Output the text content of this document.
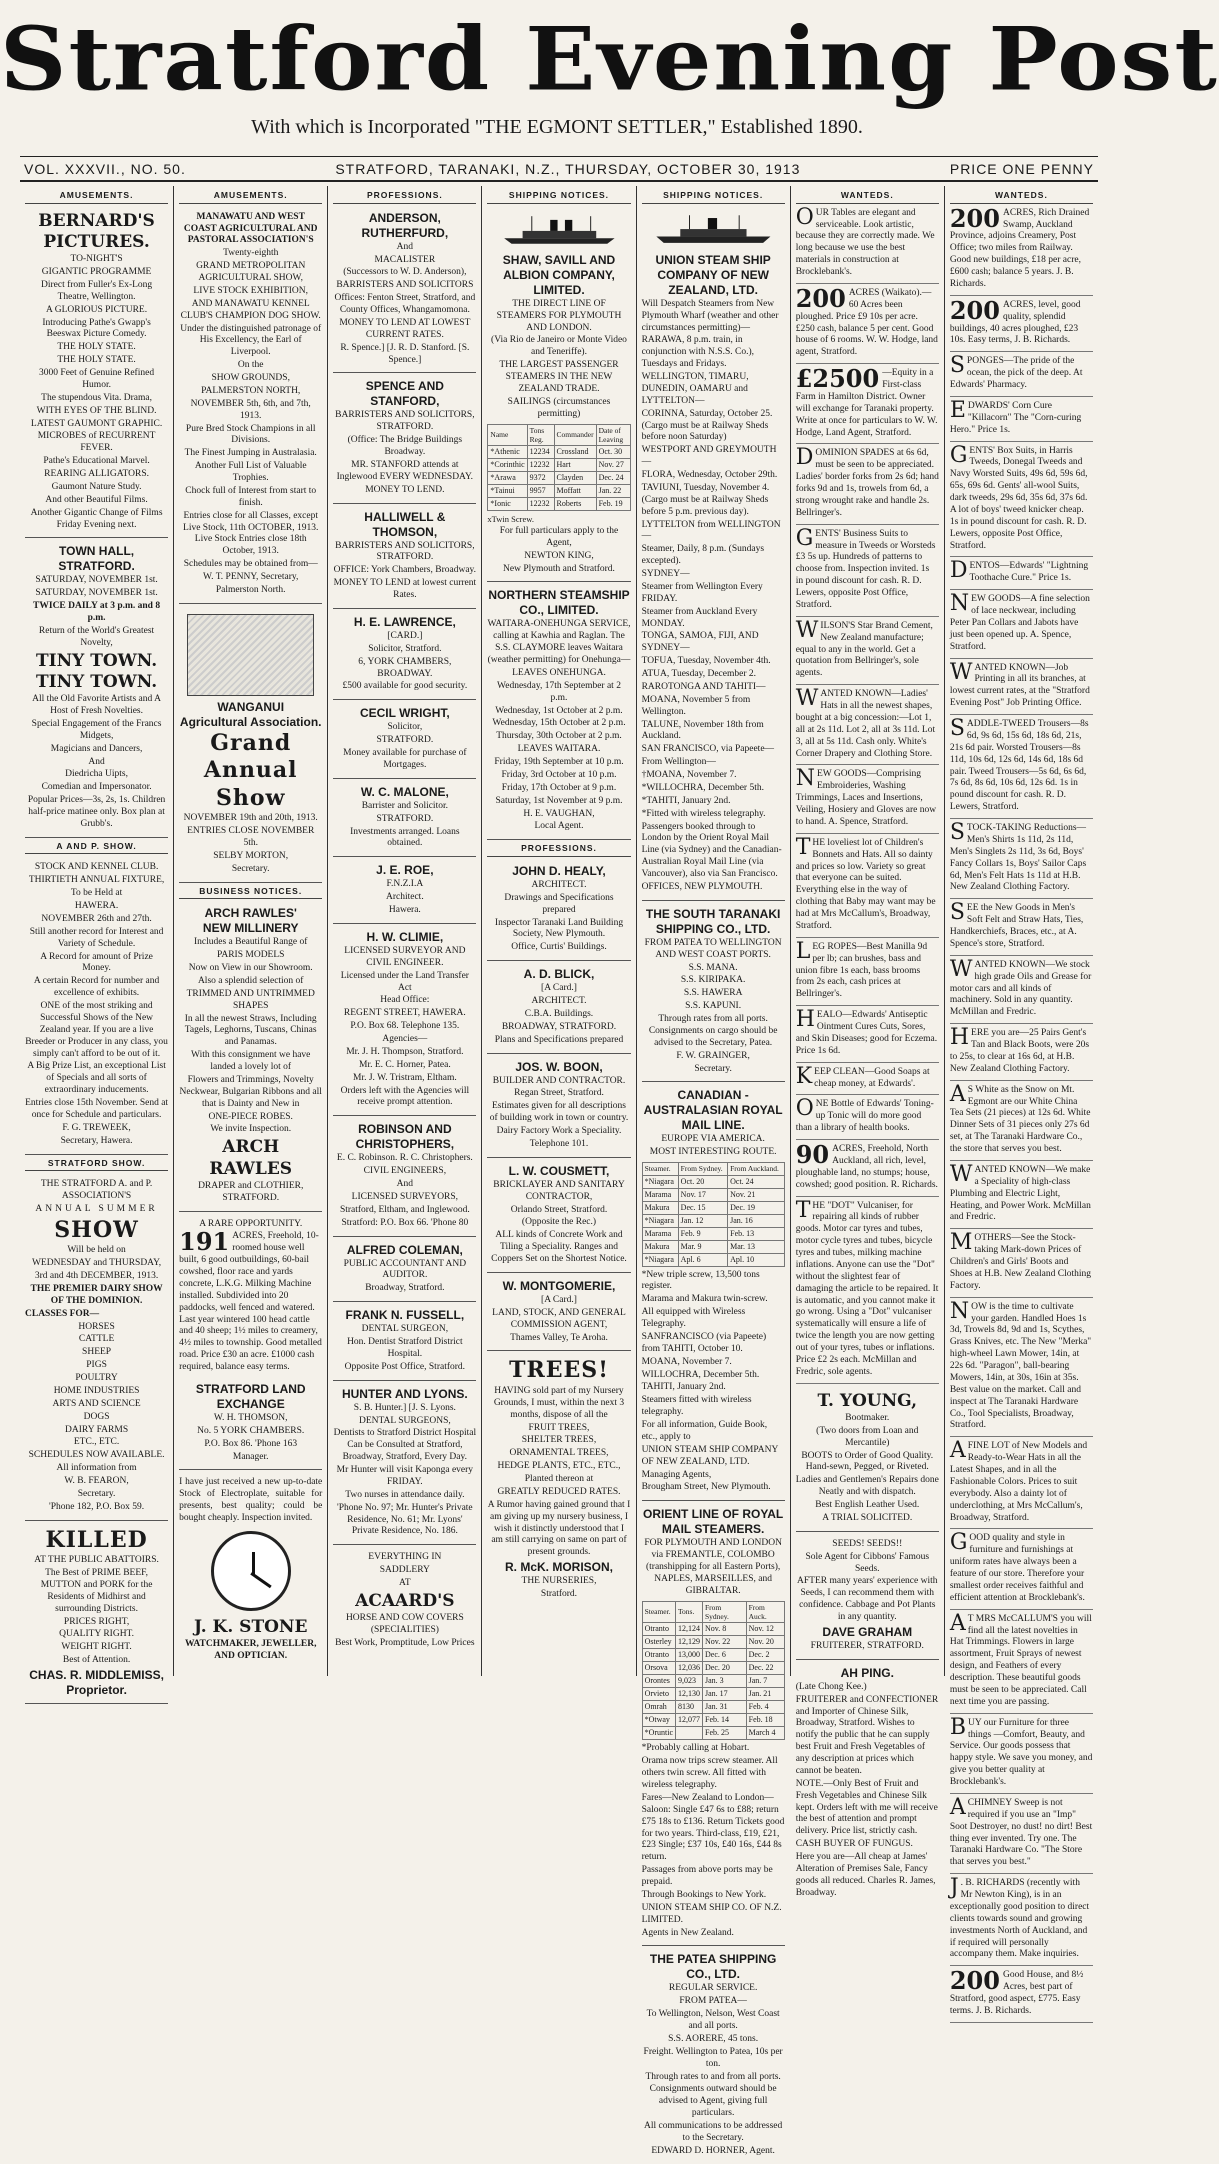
Stratford Evening Post
With which is Incorporated "THE EGMONT SETTLER," Established 1890.
VOL. XXXVII., NO. 50.	STRATFORD, TARANAKI, N.Z., THURSDAY, OCTOBER 30, 1913	PRICE ONE PENNY
AMUSEMENTS.
BERNARD'S PICTURES.

TO-NIGHT'S

GIGANTIC PROGRAMME

Direct from Fuller's Ex-Long Theatre, Wellington.

A GLORIOUS PICTURE.

Introducing Pathe's Gwapp's Beeswax Picture Comedy.

THE HOLY STATE.

THE HOLY STATE.

3000 Feet of Genuine Refined Humor.

The stupendous Vita. Drama,

WITH EYES OF THE BLIND.

LATEST GAUMONT GRAPHIC.

MICROBES of RECURRENT FEVER.

Pathe's Educational Marvel.

REARING ALLIGATORS.

Gaumont Nature Study.

And other Beautiful Films.

Another Gigantic Change of Films Friday Evening next.

TOWN HALL, STRATFORD.

SATURDAY, NOVEMBER 1st.

SATURDAY, NOVEMBER 1st.

TWICE DAILY at 3 p.m. and 8 p.m.

Return of the World's Greatest Novelty,

TINY TOWN.
TINY TOWN.

All the Old Favorite Artists and A Host of Fresh Novelties.

Special Engagement of the Francs Midgets,

Magicians and Dancers,

And

Diedricha Uipts,

Comedian and Impersonator.

Popular Prices—3s, 2s, 1s. Children half-price matinee only. Box plan at Grubb's.

A AND P. SHOW.

STOCK AND KENNEL CLUB.

THIRTIETH ANNUAL FIXTURE,

To be Held at

HAWERA.

NOVEMBER 26th and 27th.

Still another record for Interest and Variety of Schedule.

A Record for amount of Prize Money.

A certain Record for number and excellence of exhibits.

ONE of the most striking and Successful Shows of the New Zealand year. If you are a live Breeder or Producer in any class, you simply can't afford to be out of it.

A Big Prize List, an exceptional List of Specials and all sorts of extraordinary inducements.

Entries close 15th November. Send at once for Schedule and particulars.

F. G. TREWEEK,

Secretary, Hawera.

STRATFORD SHOW.

THE STRATFORD A. and P. ASSOCIATION'S

ANNUAL SUMMER

SHOW

Will be held on

WEDNESDAY and THURSDAY,

3rd and 4th DECEMBER, 1913.

THE PREMIER DAIRY SHOW OF THE DOMINION.

CLASSES FOR—

HORSES

CATTLE

SHEEP

PIGS

POULTRY

HOME INDUSTRIES

ARTS AND SCIENCE

DOGS

DAIRY FARMS

ETC., ETC.

SCHEDULES NOW AVAILABLE.

All information from

W. B. FEARON,

Secretary.

'Phone 182, P.O. Box 59.

KILLED

AT THE PUBLIC ABATTOIRS.

The Best of PRIME BEEF, MUTTON and PORK for the Residents of Midhirst and surrounding Districts.

PRICES RIGHT,

QUALITY RIGHT.

WEIGHT RIGHT.

Best of Attention.

CHAS. R. MIDDLEMISS,
Proprietor.
AMUSEMENTS.

MANAWATU AND WEST COAST AGRICULTURAL AND PASTORAL ASSOCIATION'S

Twenty-eighth

GRAND METROPOLITAN AGRICULTURAL SHOW,

LIVE STOCK EXHIBITION,

AND MANAWATU KENNEL CLUB'S CHAMPION DOG SHOW.

Under the distinguished patronage of His Excellency, the Earl of Liverpool.

On the

SHOW GROUNDS,

PALMERSTON NORTH,

NOVEMBER 5th, 6th, and 7th, 1913.

Pure Bred Stock Champions in all Divisions.

The Finest Jumping in Australasia.

Another Full List of Valuable Trophies.

Chock full of Interest from start to finish.

Entries close for all Classes, except Live Stock, 11th OCTOBER, 1913. Live Stock Entries close 18th October, 1913.

Schedules may be obtained from—

W. T. PENNY, Secretary,

Palmerston North.

WANGANUI
Agricultural Association.
Grand Annual Show

NOVEMBER 19th and 20th, 1913.

ENTRIES CLOSE NOVEMBER 5th.

SELBY MORTON,

Secretary.

BUSINESS NOTICES.
ARCH RAWLES'
NEW MILLINERY

Includes a Beautiful Range of

PARIS MODELS

Now on View in our Showroom.

Also a splendid selection of

TRIMMED AND UNTRIMMED SHAPES

In all the newest Straws, Including Tagels, Leghorns, Tuscans, Chinas and Panamas.

With this consignment we have landed a lovely lot of

Flowers and Trimmings, Novelty Neckwear, Bulgarian Ribbons and all that is Dainty and New in

ONE-PIECE ROBES.

We invite Inspection.

ARCH RAWLES

DRAPER and CLOTHIER, STRATFORD.

A RARE OPPORTUNITY.

191 ACRES, Freehold, 10-roomed house well built, 6 good outbuildings, 60-bail cowshed, floor race and yards concrete, L.K.G. Milking Machine installed. Subdivided into 20 paddocks, well fenced and watered. Last year wintered 100 head cattle and 40 sheep; 1½ miles to creamery, 4½ miles to township. Good metalled road. Price £30 an acre. £1000 cash required, balance easy terms.
STRATFORD LAND EXCHANGE

W. H. THOMSON,

No. 5 YORK CHAMBERS.

P.O. Box 86. 'Phone 163

Manager.

I have just received a new up-to-date Stock of Electroplate, suitable for presents, best quality; could be bought cheaply. Inspection invited.

J. K. STONE

WATCHMAKER, JEWELLER, AND OPTICIAN.

PROFESSIONS.
ANDERSON, RUTHERFURD,

And

MACALISTER

(Successors to W. D. Anderson),

BARRISTERS AND SOLICITORS

Offices: Fenton Street, Stratford, and County Offices, Whangamomona.

MONEY TO LEND AT LOWEST CURRENT RATES.

R. Spence.] [J. R. D. Stanford. [S. Spence.]

SPENCE AND STANFORD,

BARRISTERS AND SOLICITORS, STRATFORD.

(Office: The Bridge Buildings Broadway.

MR. STANFORD attends at Inglewood EVERY WEDNESDAY.

MONEY TO LEND.

HALLIWELL & THOMSON,

BARRISTERS AND SOLICITORS, STRATFORD.

OFFICE: York Chambers, Broadway.

MONEY TO LEND at lowest current Rates.

H. E. LAWRENCE,

[CARD.]

Solicitor, Stratford.

6, YORK CHAMBERS, BROADWAY.

£500 available for good security.

CECIL WRIGHT,

Solicitor,

STRATFORD.

Money available for purchase of Mortgages.

W. C. MALONE,

Barrister and Solicitor.

STRATFORD.

Investments arranged. Loans obtained.

J. E. ROE,

F.N.Z.I.A

Architect.

Hawera.

H. W. CLIMIE,

LICENSED SURVEYOR AND CIVIL ENGINEER.

Licensed under the Land Transfer Act

Head Office:

REGENT STREET, HAWERA.

P.O. Box 68. Telephone 135.

Agencies—

Mr. J. H. Thompson, Stratford.

Mr. E. C. Horner, Patea.

Mr. J. W. Tristram, Eltham.

Orders left with the Agencies will receive prompt attention.

ROBINSON AND CHRISTOPHERS,

E. C. Robinson. R. C. Christophers.

CIVIL ENGINEERS,

And

LICENSED SURVEYORS,

Stratford, Eltham, and Inglewood.

Stratford: P.O. Box 66. 'Phone 80

ALFRED COLEMAN,

PUBLIC ACCOUNTANT AND AUDITOR.

Broadway, Stratford.

FRANK N. FUSSELL,

DENTAL SURGEON,

Hon. Dentist Stratford District Hospital.

Opposite Post Office, Stratford.

HUNTER AND LYONS.

S. B. Hunter.] [J. S. Lyons.

DENTAL SURGEONS,

Dentists to Stratford District Hospital Can be Consulted at Stratford, Broadway, Stratford, Every Day.

Mr Hunter will visit Kaponga every FRIDAY.

Two nurses in attendance daily.

'Phone No. 97; Mr. Hunter's Private Residence, No. 61; Mr. Lyons' Private Residence, No. 186.

EVERYTHING IN

SADDLERY

AT

ACAARD'S

HORSE AND COW COVERS (SPECIALITIES)

Best Work, Promptitude, Low Prices

SHIPPING NOTICES.
SHAW, SAVILL AND ALBION COMPANY, LIMITED.

THE DIRECT LINE OF STEAMERS FOR PLYMOUTH AND LONDON.

(Via Rio de Janeiro or Monte Video and Teneriffe).

THE LARGEST PASSENGER STEAMERS IN THE NEW ZEALAND TRADE.

SAILINGS (circumstances permitting)

Name	Tons Reg.	Commander	Date of Leaving
*Athenic	12234	Crossland	Oct. 30
*Corinthic	12232	Hart	Nov. 27
*Arawa	9372	Clayden	Dec. 24
*Tainui	9957	Moffatt	Jan. 22
*Ionic	12232	Roberts	Feb. 19

xTwin Screw.

For full particulars apply to the Agent,

NEWTON KING,

New Plymouth and Stratford.

NORTHERN STEAMSHIP CO., LIMITED.

WAITARA-ONEHUNGA SERVICE, calling at Kawhia and Raglan. The S.S. CLAYMORE leaves Waitara (weather permitting) for Onehunga—

LEAVES ONEHUNGA.

Wednesday, 17th September at 2 p.m.

Wednesday, 1st October at 2 p.m.

Wednesday, 15th October at 2 p.m.

Thursday, 30th October at 2 p.m.

LEAVES WAITARA.

Friday, 19th September at 10 p.m.

Friday, 3rd October at 10 p.m.

Friday, 17th October at 9 p.m.

Saturday, 1st November at 9 p.m.

H. E. VAUGHAN,

Local Agent.

PROFESSIONS.
JOHN D. HEALY,

ARCHITECT.

Drawings and Specifications prepared

Inspector Taranaki Land Building Society, New Plymouth.

Office, Curtis' Buildings.

A. D. BLICK,

[A Card.]

ARCHITECT.

C.B.A. Buildings.

BROADWAY, STRATFORD.

Plans and Specifications prepared

JOS. W. BOON,

BUILDER AND CONTRACTOR.

Regan Street, Stratford.

Estimates given for all descriptions of building work in town or country.

Dairy Factory Work a Speciality.

Telephone 101.

L. W. COUSMETT,

BRICKLAYER AND SANITARY CONTRACTOR,

Orlando Street, Stratford.

(Opposite the Rec.)

ALL kinds of Concrete Work and Tiling a Speciality. Ranges and Coppers Set on the Shortest Notice.

W. MONTGOMERIE,

[A Card.]

LAND, STOCK, AND GENERAL COMMISSION AGENT,

Thames Valley, Te Aroha.

TREES!

HAVING sold part of my Nursery Grounds, I must, within the next 3 months, dispose of all the

FRUIT TREES,

SHELTER TREES,

ORNAMENTAL TREES,

HEDGE PLANTS, ETC., ETC.,

Planted thereon at

GREATLY REDUCED RATES.

A Rumor having gained ground that I am giving up my nursery business, I wish it distinctly understood that I am still carrying on same on part of present grounds.

R. McK. MORISON,

THE NURSERIES,

Stratford.

SHIPPING NOTICES.
UNION STEAM SHIP COMPANY OF NEW ZEALAND, LTD.

Will Despatch Steamers from New Plymouth Wharf (weather and other circumstances permitting)—

RARAWA, 8 p.m. train, in conjunction with N.S.S. Co.), Tuesdays and Fridays.

WELLINGTON, TIMARU, DUNEDIN, OAMARU and LYTTELTON—

CORINNA, Saturday, October 25. (Cargo must be at Railway Sheds before noon Saturday)

WESTPORT AND GREYMOUTH—

FLORA, Wednesday, October 29th.

TAVIUNI, Tuesday, November 4. (Cargo must be at Railway Sheds before 5 p.m. previous day).

LYTTELTON from WELLINGTON—

Steamer, Daily, 8 p.m. (Sundays excepted).

SYDNEY—

Steamer from Wellington Every FRIDAY.

Steamer from Auckland Every MONDAY.

TONGA, SAMOA, FIJI, AND SYDNEY—

TOFUA, Tuesday, November 4th.

ATUA, Tuesday, December 2.

RAROTONGA AND TAHITI—

MOANA, November 5 from Wellington.

TALUNE, November 18th from Auckland.

SAN FRANCISCO, via Papeete—

From Wellington—

†MOANA, November 7.

*WILLOCHRA, December 5th.

*TAHITI, January 2nd.

*Fitted with wireless telegraphy.

Passengers booked through to London by the Orient Royal Mail Line (via Sydney) and the Canadian-Australian Royal Mail Line (via Vancouver), also via San Francisco.

OFFICES, NEW PLYMOUTH.

THE SOUTH TARANAKI SHIPPING CO., LTD.

FROM PATEA TO WELLINGTON AND WEST COAST PORTS.

S.S. MANA.

S.S. KIRIPAKA.

S.S. HAWERA

S.S. KAPUNI.

Through rates from all ports. Consignments on cargo should be advised to the Secretary, Patea.

F. W. GRAINGER,

Secretary.

CANADIAN - AUSTRALASIAN ROYAL MAIL LINE.

EUROPE VIA AMERICA.

MOST INTERESTING ROUTE.

Steamer.	From Sydney.	From Auckland.
*Niagara	Oct. 20	Oct. 24
Marama	Nov. 17	Nov. 21
Makura	Dec. 15	Dec. 19
*Niagara	Jan. 12	Jan. 16
Marama	Feb. 9	Feb. 13
Makura	Mar. 9	Mar. 13
*Niagara	Apl. 6	Apl. 10

*New triple screw, 13,500 tons register.

Marama and Makura twin-screw.

All equipped with Wireless Telegraphy.

SANFRANCISCO (via Papeete) from TAHITI, October 10.

MOANA, November 7.

WILLOCHRA, December 5th.

TAHITI, January 2nd.

Steamers fitted with wireless telegraphy.

For all information, Guide Book, etc., apply to

UNION STEAM SHIP COMPANY OF NEW ZEALAND, LTD.

Managing Agents,

Brougham Street, New Plymouth.

ORIENT LINE OF ROYAL MAIL STEAMERS.

FOR PLYMOUTH AND LONDON via FREMANTLE, COLOMBO (transhipping for all Eastern Ports), NAPLES, MARSEILLES, and GIBRALTAR.

Steamer.	Tons.	From Sydney.	From Auck.
Otranto	12,124	Nov. 8	Nov. 12
Osterley	12,129	Nov. 22	Nov. 20
Otranto	13,000	Dec. 6	Dec. 2
Orsova	12,036	Dec. 20	Dec. 22
Orontes	9,023	Jan. 3	Jan. 7
Orvieto	12,130	Jan. 17	Jan. 21
Omrah	8130	Jan. 31	Feb. 4
*Otway	12,077	Feb. 14	Feb. 18
*Oruntic		Feb. 25	March 4

*Probably calling at Hobart.

Orama now trips screw steamer. All others twin screw. All fitted with wireless telegraphy.

Fares—New Zealand to London—Saloon: Single £47 6s to £88; return £75 18s to £136. Return Tickets good for two years. Third-class, £19, £21, £23 Single; £37 10s, £40 16s, £44 8s return.

Passages from above ports may be prepaid.

Through Bookings to New York.

UNION STEAM SHIP CO. OF N.Z. LIMITED.

Agents in New Zealand.

THE PATEA SHIPPING CO., LTD.

REGULAR SERVICE.

FROM PATEA—

To Wellington, Nelson, West Coast and all ports.

S.S. AORERE, 45 tons.

Freight. Wellington to Patea, 10s per ton.

Through rates to and from all ports.

Consignments outward should be advised to Agent, giving full particulars.

All communications to be addressed to the Secretary.

EDWARD D. HORNER, Agent.

WANTEDS.
OUR Tables are elegant and serviceable. Look artistic, because they are correctly made. We long because we use the best materials in construction at Brocklebank's.
200 ACRES (Waikato).—60 Acres been ploughed. Price £9 10s per acre. £250 cash, balance 5 per cent. Good house of 6 rooms. W. W. Hodge, land agent, Stratford.
£2500 —Equity in a First-class Farm in Hamilton District. Owner will exchange for Taranaki property. Write at once for particulars to W. W. Hodge, Land Agent, Stratford.
DOMINION SPADES at 6s 6d, must be seen to be appreciated. Ladies' border forks from 2s 6d; hand forks 9d and 1s, trowels from 6d, a strong wrought rake and handle 2s. Bellringer's.
GENTS' Business Suits to measure in Tweeds or Worsteds £3 5s up. Hundreds of patterns to choose from. Inspection invited. 1s in pound discount for cash. R. D. Lewers, opposite Post Office, Stratford.
WILSON'S Star Brand Cement, New Zealand manufacture; equal to any in the world. Get a quotation from Bellringer's, sole agents.
WANTED KNOWN—Ladies' Hats in all the newest shapes, bought at a big concession:—Lot 1, all at 2s 11d. Lot 2, all at 3s 11d. Lot 3, all at 5s 11d. Cash only. White's Corner Drapery and Clothing Store.
NEW GOODS—Comprising Embroideries, Washing Trimmings, Laces and Insertions, Veiling, Hosiery and Gloves are now to hand. A. Spence, Stratford.
THE loveliest lot of Children's Bonnets and Hats. All so dainty and prices so low. Variety so great that everyone can be suited. Everything else in the way of clothing that Baby may want may be had at Mrs McCallum's, Broadway, Stratford.
LEG ROPES—Best Manilla 9d per lb; can brushes, bass and union fibre 1s each, bass brooms from 2s each, cash prices at Bellringer's.
HEALO—Edwards' Antiseptic Ointment Cures Cuts, Sores, and Skin Diseases; good for Eczema. Price 1s 6d.
KEEP CLEAN—Good Soaps at cheap money, at Edwards'.
ONE Bottle of Edwards' Toning-up Tonic will do more good than a library of health books.
90 ACRES, Freehold, North Auckland, all rich, level, ploughable land, no stumps; house, cowshed; good position. R. Richards.
THE "DOT" Vulcaniser, for repairing all kinds of rubber goods. Motor car tyres and tubes, motor cycle tyres and tubes, bicycle tyres and tubes, milking machine inflations. Anyone can use the "Dot" without the slightest fear of damaging the article to be repaired. It is automatic, and you cannot make it go wrong. Using a "Dot" vulcaniser systematically will ensure a life of twice the length you are now getting out of your tyres, tubes or inflations. Price £2 2s each. McMillan and Fredric, sole agents.
T. YOUNG,

Bootmaker.

(Two doors from Loan and Mercantile)

BOOTS to Order of Good Quality. Hand-sewn, Pegged, or Riveted.

Ladies and Gentlemen's Repairs done Neatly and with dispatch.

Best English Leather Used.

A TRIAL SOLICITED.

SEEDS! SEEDS!!

Sole Agent for Cibbons' Famous Seeds.

AFTER many years' experience with Seeds, I can recommend them with confidence. Cabbage and Pot Plants in any quantity.

DAVE GRAHAM

FRUITERER, STRATFORD.

AH PING.

(Late Chong Kee.)

FRUITERER and CONFECTIONER and Importer of Chinese Silk, Broadway, Stratford. Wishes to notify the public that he can supply best Fruit and Fresh Vegetables of any description at prices which cannot be beaten.

NOTE.—Only Best of Fruit and Fresh Vegetables and Chinese Silk kept. Orders left with me will receive the best of attention and prompt delivery. Price list, strictly cash.

CASH BUYER OF FUNGUS.

Here you are—All cheap at James' Alteration of Premises Sale, Fancy goods all reduced. Charles R. James, Broadway.

WANTEDS.
200 ACRES, Rich Drained Swamp, Auckland Province, adjoins Creamery, Post Office; two miles from Railway. Good new buildings, £18 per acre, £600 cash; balance 5 years. J. B. Richards.
200 ACRES, level, good quality, splendid buildings, 40 acres ploughed, £23 10s. Easy terms, J. B. Richards.
SPONGES—The pride of the ocean, the pick of the deep. At Edwards' Pharmacy.
EDWARDS' Corn Cure "Killacorn" The "Corn-curing Hero." Price 1s.
GENTS' Box Suits, in Harris Tweeds, Donegal Tweeds and Navy Worsted Suits, 49s 6d, 59s 6d, 65s, 69s 6d. Gents' all-wool Suits, dark tweeds, 29s 6d, 35s 6d, 37s 6d. A lot of boys' tweed knicker cheap. 1s in pound discount for cash. R. D. Lewers, opposite Post Office, Stratford.
DENTOS—Edwards' "Lightning Toothache Cure." Price 1s.
NEW GOODS—A fine selection of lace neckwear, including Peter Pan Collars and Jabots have just been opened up. A. Spence, Stratford.
WANTED KNOWN—Job Printing in all its branches, at lowest current rates, at the "Stratford Evening Post" Job Printing Office.
SADDLE-TWEED Trousers—8s 6d, 9s 6d, 15s 6d, 18s 6d, 21s, 21s 6d pair. Worsted Trousers—8s 11d, 10s 6d, 12s 6d, 14s 6d, 18s 6d pair. Tweed Trousers—5s 6d, 6s 6d, 7s 6d, 8s 6d, 10s 6d, 12s 6d. 1s in pound discount for cash. R. D. Lewers, Stratford.
STOCK-TAKING Reductions—Men's Shirts 1s 11d, 2s 11d, Men's Singlets 2s 11d, 3s 6d, Boys' Fancy Collars 1s, Boys' Sailor Caps 6d, Men's Felt Hats 1s 11d at H.B. New Zealand Clothing Factory.
SEE the New Goods in Men's Soft Felt and Straw Hats, Ties, Handkerchiefs, Braces, etc., at A. Spence's store, Stratford.
WANTED KNOWN—We stock high grade Oils and Grease for motor cars and all kinds of machinery. Sold in any quantity. McMillan and Fredric.
HERE you are—25 Pairs Gent's Tan and Black Boots, were 20s to 25s, to clear at 16s 6d, at H.B. New Zealand Clothing Factory.
A S White as the Snow on Mt. Egmont are our White China Tea Sets (21 pieces) at 12s 6d. White Dinner Sets of 31 pieces only 27s 6d set, at The Taranaki Hardware Co., the store that serves you best.
WANTED KNOWN—We make a Speciality of high-class Plumbing and Electric Light, Heating, and Power Work. McMillan and Fredric.
MOTHERS—See the Stock-taking Mark-down Prices of Children's and Girls' Boots and Shoes at H.B. New Zealand Clothing Factory.
NOW is the time to cultivate your garden. Handled Hoes 1s 3d, Trowels 8d, 9d and 1s, Scythes, Grass Knives, etc. The New "Merka" high-wheel Lawn Mower, 14in, at 22s 6d. "Paragon", ball-bearing Mowers, 14in, at 30s, 16in at 35s. Best value on the market. Call and inspect at The Taranaki Hardware Co., Tool Specialists, Broadway, Stratford.
AFINE LOT of New Models and Ready-to-Wear Hats in all the Latest Shapes, and in all the Fashionable Colors. Prices to suit everybody. Also a dainty lot of underclothing, at Mrs McCallum's, Broadway, Stratford.
GOOD quality and style in furniture and furnishings at uniform rates have always been a feature of our store. Therefore your smallest order receives faithful and efficient attention at Brocklebank's.
A T MRS McCALLUM'S you will find all the latest novelties in Hat Trimmings. Flowers in large assortment, Fruit Sprays of newest design, and Feathers of every description. These beautiful goods must be seen to be appreciated. Call next time you are passing.
BUY our Furniture for three things —Comfort, Beauty, and Service. Our goods possess that happy style. We save you money, and give you better quality at Brocklebank's.
ACHIMNEY Sweep is not required if you use an "Imp" Soot Destroyer, no dust! no dirt! Best thing ever invented. Try one. The Taranaki Hardware Co. "The Store that serves you best."
J . B. RICHARDS (recently with Mr Newton King), is in an exceptionally good position to direct clients towards sound and growing investments North of Auckland, and if required will personally accompany them. Make inquiries.
200 Good House, and 8½ Acres, best part of Stratford, good aspect, £775. Easy terms. J. B. Richards.
